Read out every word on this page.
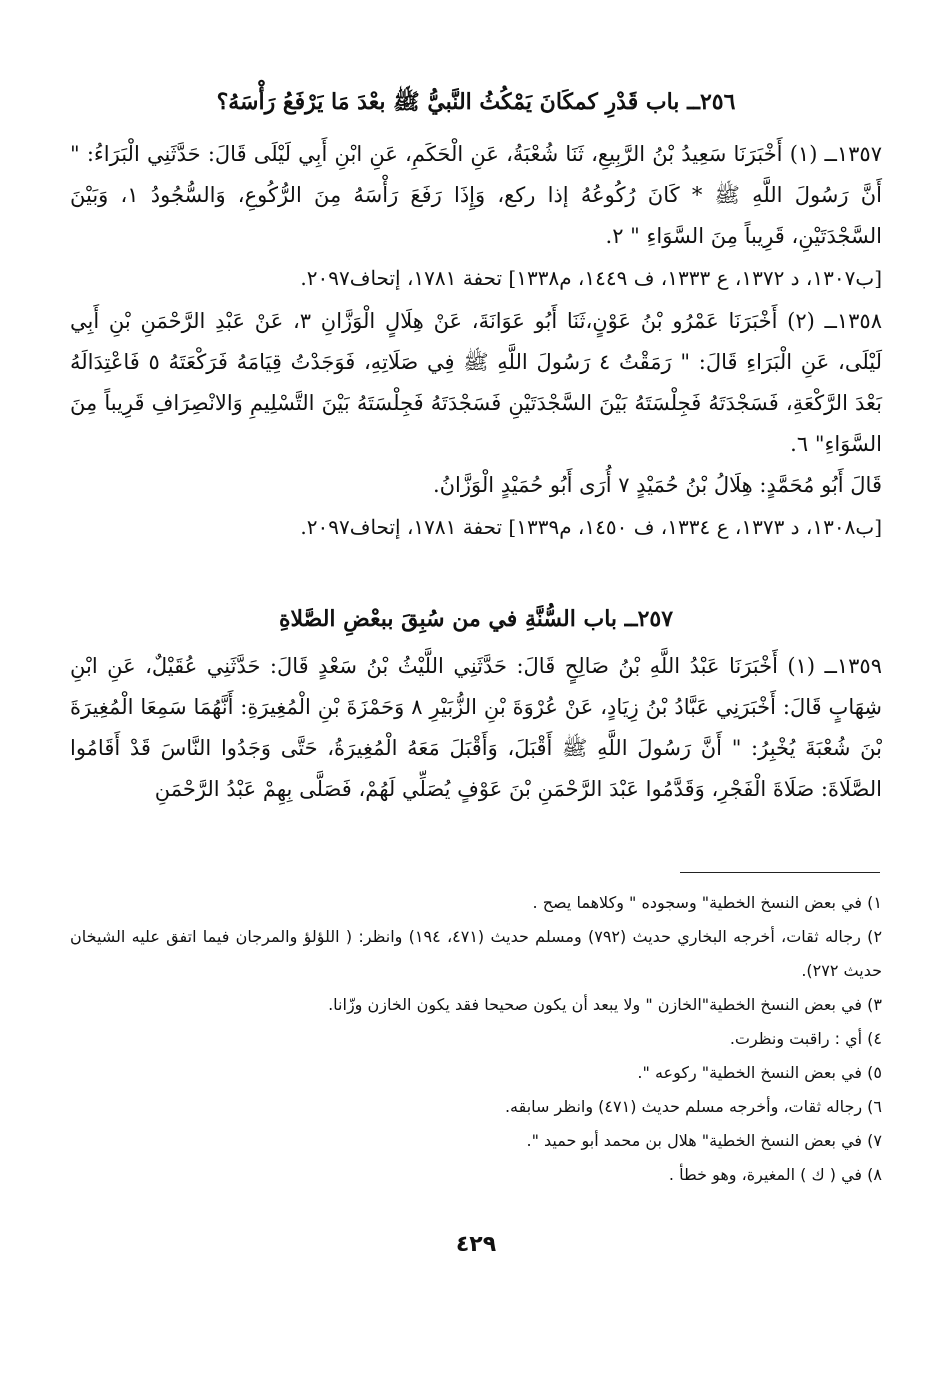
٢٥٦ــ باب قَدْرِ كمكَانَ يَمْكُثُ النَّبيُّ ﷺ بعْدَ مَا يَرْفَعُ رَأْسَهُ؟

١٣٥٧ــ (١) أَخْبَرَنَا سَعِيدُ بْنُ الرَّبِيعِ، ثَنَا شُعْبَةُ، عَنِ الْحَكَمِ، عَنِ ابْنِ أَبِي لَيْلَى قَالَ: حَدَّثَنِي الْبَرَاءُ: " أَنَّ رَسُولَ اللَّهِ ﷺ * كَانَ رُكُوعُهُ إذا ركع، وَإِذَا رَفَعَ رَأْسَهُ مِنَ الرُّكُوعِ، وَالسُّجُودُ ١، وَبَيْنَ السَّجْدَتَيْنِ، قَرِيباً مِنَ السَّوَاءِ " ٢.

[ب١٣٠٧، د ١٣٧٢، ع ١٣٣٣، ف ١٤٤٩، م١٣٣٨] تحفة ١٧٨١، إتحاف٢٠٩٧.

١٣٥٨ــ (٢) أَخْبَرَنَا عَمْرُو بْنُ عَوْنٍ،ثَنَا أَبُو عَوَانَةَ، عَنْ هِلَالٍ الْوَزَّانِ ٣، عَنْ عَبْدِ الرَّحْمَنِ بْنِ أَبِي لَيْلَى، عَنِ الْبَرَاءِ قَالَ: " رَمَقْتُ ٤ رَسُولَ اللَّهِ ﷺ فِي صَلَاتِهِ، فَوَجَدْتُ قِيَامَهُ فَرَكْعَتَهُ ٥ فَاعْتِدَالَهُ بَعْدَ الرَّكْعَةِ، فَسَجْدَتَهُ فَجِلْسَتَهُ بَيْنَ السَّجْدَتَيْنِ فَسَجْدَتَهُ فَجِلْسَتَهُ بَيْنَ التَّسْلِيمِ وَالانْصِرَافِ قَرِيباً مِنَ السَّوَاءِ" ٦.

قَالَ أَبُو مُحَمَّدٍ: هِلَالُ بْنُ حُمَيْدٍ ٧ أُرَى أَبُو حُمَيْدٍ الْوَزَّانُ.

[ب١٣٠٨، د ١٣٧٣، ع ١٣٣٤، ف ١٤٥٠، م١٣٣٩] تحفة ١٧٨١، إتحاف٢٠٩٧.
٢٥٧ــ باب السُّنَّةِ في من سُبِقَ ببعْضِ الصَّلاةِ

١٣٥٩ــ (١) أَخْبَرَنَا عَبْدُ اللَّهِ بْنُ صَالِحٍ قَالَ: حَدَّثَنِي اللَّيْثُ بْنُ سَعْدٍ قَالَ: حَدَّثَنِي عُقَيْلٌ، عَنِ ابْنِ شِهَابٍ قَالَ: أَخْبَرَنِي عَبَّادُ بْنُ زِيَادٍ، عَنْ عُرْوَةَ بْنِ الزُّبَيْرِ ٨ وَحَمْزَةَ بْنِ الْمُغِيرَةِ: أَنَّهُمَا سَمِعَا الْمُغِيرَةَ بْنَ شُعْبَةَ يُخْبِرُ: " أَنَّ رَسُولَ اللَّهِ ﷺ أَقْبَلَ، وَأَقْبَلَ مَعَهُ الْمُغِيرَةُ، حَتَّى وَجَدُوا النَّاسَ قَدْ أَقَامُوا الصَّلَاةَ: صَلَاةَ الْفَجْرِ، وَقَدَّمُوا عَبْدَ الرَّحْمَنِ بْنَ عَوْفٍ يُصَلِّي لَهُمْ، فَصَلَّى بِهِمْ عَبْدُ الرَّحْمَنِ

١) في بعض النسخ الخطية" وسجوده " وكلاهما يصح .

٢) رجاله ثقات، أخرجه البخاري حديث (٧٩٢) ومسلم حديث (٤٧١، ١٩٤) وانظر: ( اللؤلؤ والمرجان فيما اتفق عليه الشيخان حديث ٢٧٢).

٣) في بعض النسخ الخطية"الخازن " ولا يبعد أن يكون صحيحا فقد يكون الخازن وزّانا.

٤) أي : راقبت ونظرت.

٥) في بعض النسخ الخطية" ركوعه ".

٦) رجاله ثقات، وأخرجه مسلم حديث (٤٧١) وانظر سابقه.

٧) في بعض النسخ الخطية" هلال بن محمد أبو حميد ".

٨) في ( ك ) المغيرة، وهو خطأ .

٤٢٩
